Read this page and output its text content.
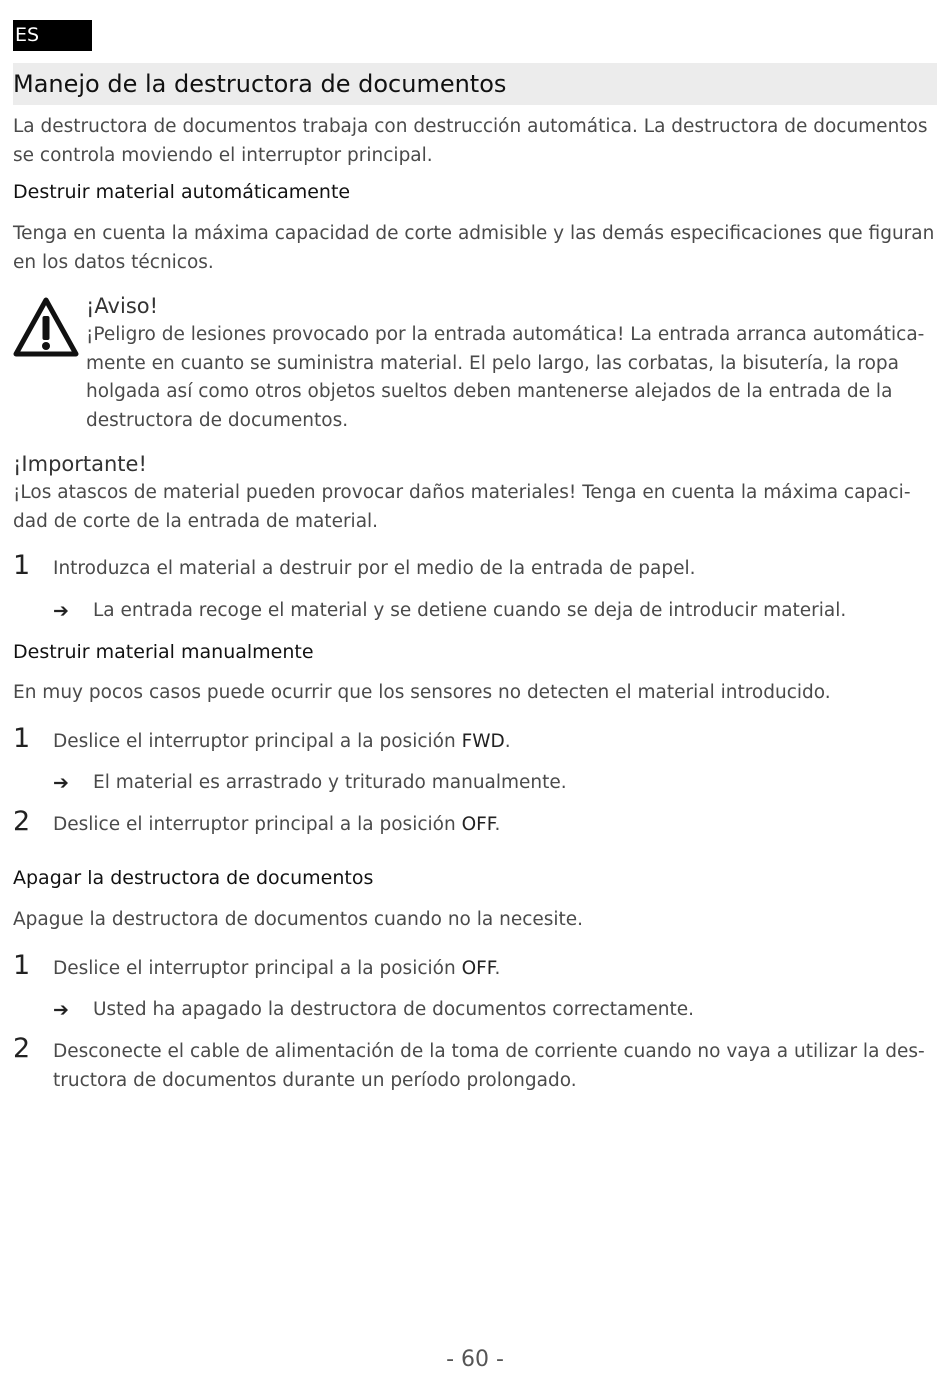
ES
Manejo de la destructora de documentos
La destructora de documentos trabaja con destrucción automática. La destructora de documentos se controla moviendo el interruptor principal.
Destruir material automáticamente
Tenga en cuenta la máxima capacidad de corte admisible y las demás especificaciones que figuran en los datos técnicos.
¡Aviso!
¡Peligro de lesiones provocado por la entrada automática! La entrada arranca automática-mente en cuanto se suministra material. El pelo largo, las corbatas, la bisutería, la ropa holgada así como otros objetos sueltos deben mantenerse alejados de la entrada de la destructora de documentos.
¡Importante!
¡Los atascos de material pueden provocar daños materiales! Tenga en cuenta la máxima capaci-dad de corte de la entrada de material.
1 Introduzca el material a destruir por el medio de la entrada de papel.
➔ La entrada recoge el material y se detiene cuando se deja de introducir material.
Destruir material manualmente
En muy pocos casos puede ocurrir que los sensores no detecten el material introducido.
1 Deslice el interruptor principal a la posición FWD.
➔ El material es arrastrado y triturado manualmente.
2 Deslice el interruptor principal a la posición OFF.
Apagar la destructora de documentos
Apague la destructora de documentos cuando no la necesite.
1 Deslice el interruptor principal a la posición OFF.
➔ Usted ha apagado la destructora de documentos correctamente.
2 Desconecte el cable de alimentación de la toma de corriente cuando no vaya a utilizar la des-tructora de documentos durante un período prolongado.
- 60 -
